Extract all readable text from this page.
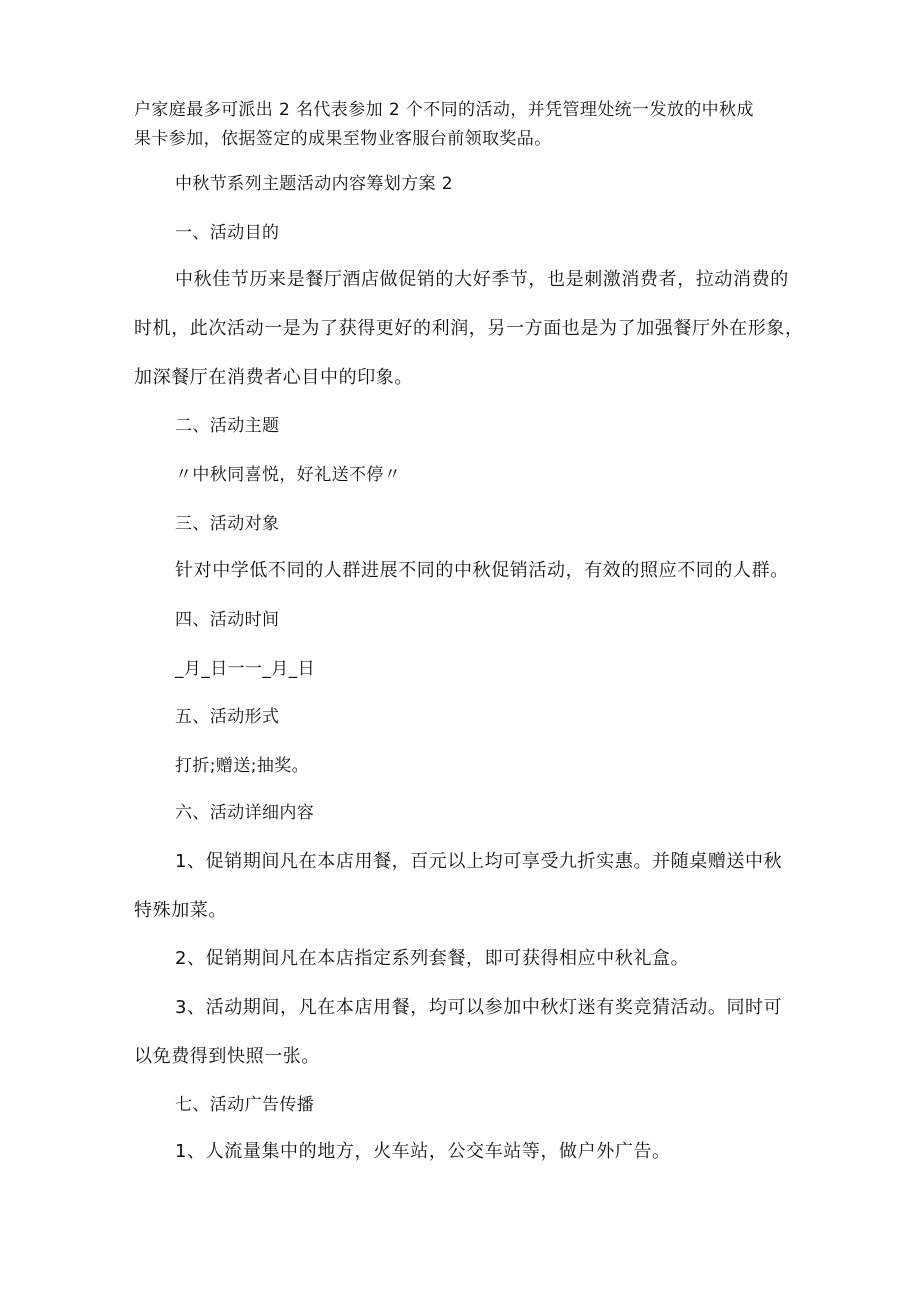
户家庭最多可派出 2 名代表参加 2 个不同的活动，并凭管理处统一发放的中秋成
果卡参加，依据签定的成果至物业客服台前领取奖品。
中秋节系列主题活动内容筹划方案 2
一、活动目的
中秋佳节历来是餐厅酒店做促销的大好季节，也是刺激消费者，拉动消费的
时机，此次活动一是为了获得更好的利润，另一方面也是为了加强餐厅外在形象，
加深餐厅在消费者心目中的印象。
二、活动主题
〃中秋同喜悦，好礼送不停〃
三、活动对象
针对中学低不同的人群进展不同的中秋促销活动，有效的照应不同的人群。
四、活动时间
_月_日一一_月_日
五、活动形式
打折;赠送;抽奖。
六、活动详细内容
1、促销期间凡在本店用餐，百元以上均可享受九折实惠。并随桌赠送中秋
特殊加菜。
2、促销期间凡在本店指定系列套餐，即可获得相应中秋礼盒。
3、活动期间，凡在本店用餐，均可以参加中秋灯迷有奖竞猜活动。同时可
以免费得到快照一张。
七、活动广告传播
1、人流量集中的地方，火车站，公交车站等，做户外广告。
